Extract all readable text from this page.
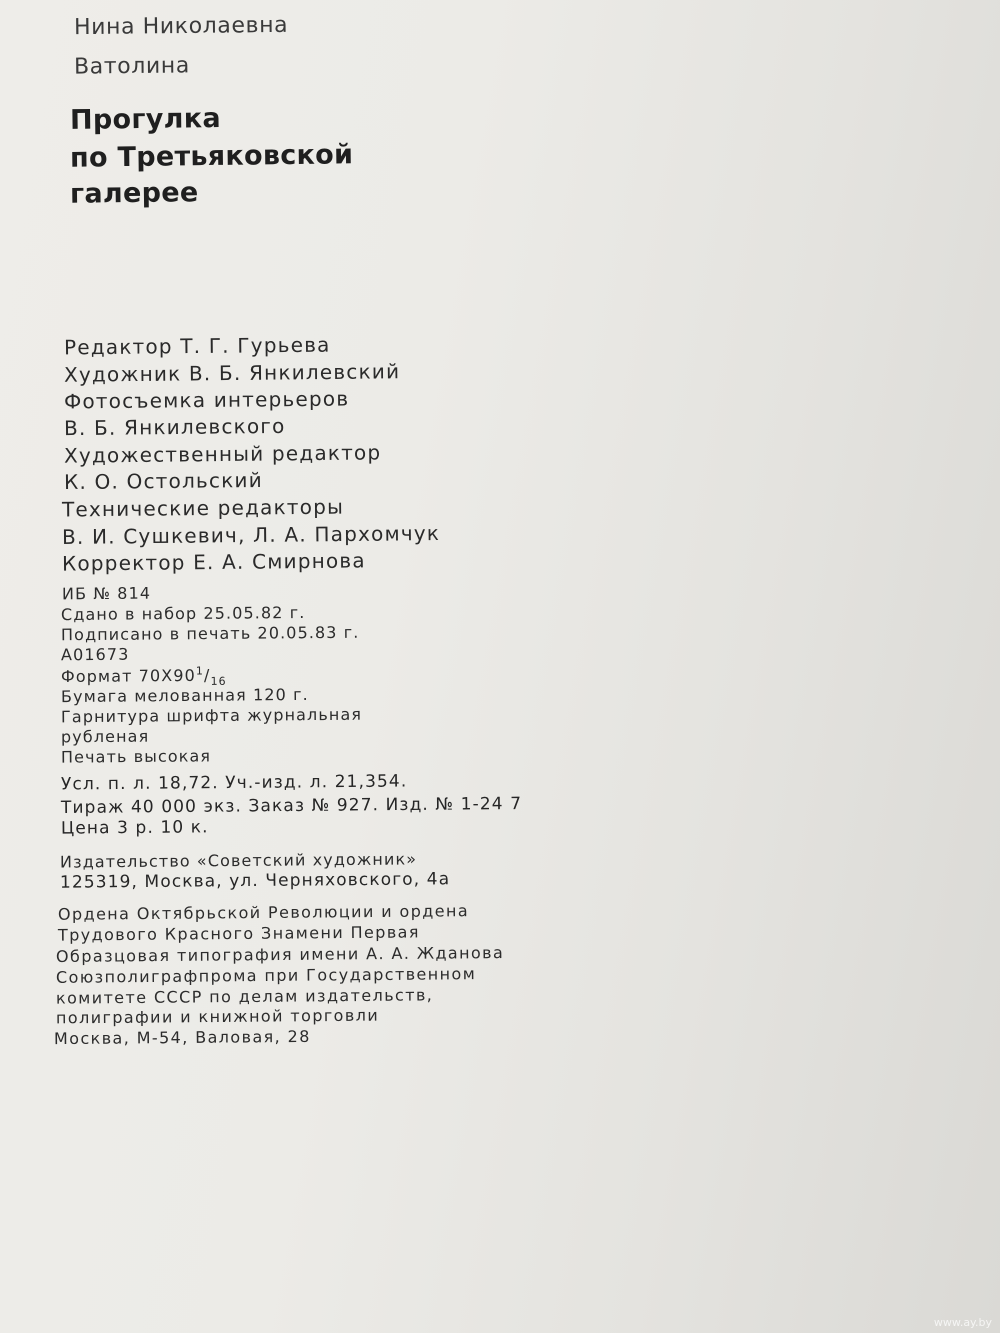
Нина Николаевна
Ватолина
Прогулка
по Третьяковской
галерее
Редактор Т. Г. Гурьева
Художник В. Б. Янкилевский
Фотосъемка интерьеров
В. Б. Янкилевского
Художественный редактор
К. О. Остольский
Технические редакторы
В. И. Сушкевич, Л. А. Пархомчук
Корректор Е. А. Смирнова
ИБ № 814
Сдано в набор 25.05.82 г.
Подписано в печать 20.05.83 г.
А01673
Формат $70Х90^1/_{16}$
Бумага мелованная 120 г.
Гарнитура шрифта журнальная
рубленая
Печать высокая
Усл. п. л. 18,72. Уч.-изд. л. 21,354.
Тираж 40 000 экз. Заказ № 927. Изд. № 1-24 7
Цена 3 р. 10 к.
Издательство «Советский художник»
125319, Москва, ул. Черняховского, 4а
Ордена Октябрьской Революции и ордена
Трудового Красного Знамени Первая
Образцовая типография имени А. А. Жданова
Союзполиграфпрома при Государственном
комитете СССР по делам издательств,
полиграфии и книжной торговли
Москва, М-54, Валовая, 28
www.ay.by
